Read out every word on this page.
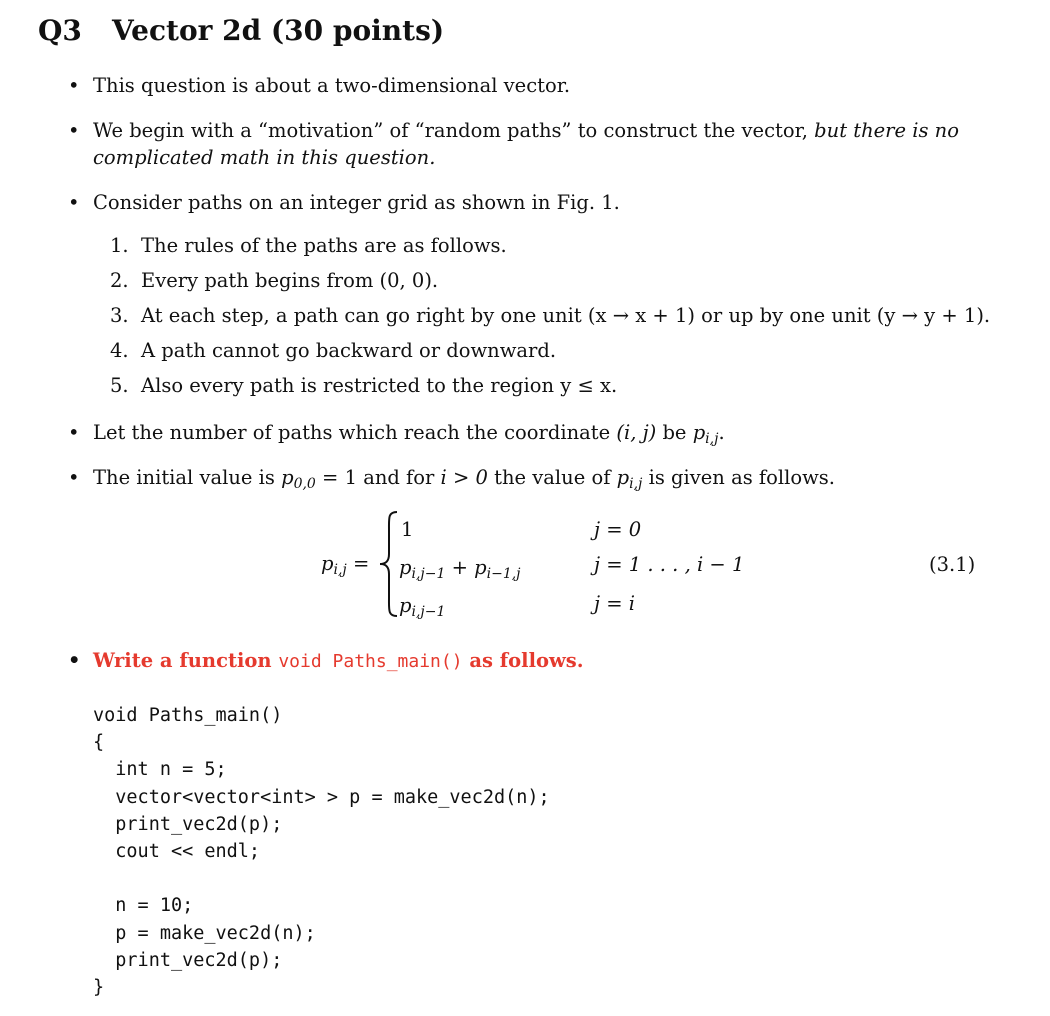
Q3 Vector 2d (30 points)
• This question is about a two-dimensional vector.
• We begin with a “motivation” of “random paths” to construct the vector, but there is no
complicated math in this question.
• Consider paths on an integer grid as shown in Fig. 1.
1. The rules of the paths are as follows.
2. Every path begins from (0, 0).
3. At each step, a path can go right by one unit (x → x + 1) or up by one unit (y → y + 1).
4. A path cannot go backward or downward.
5. Also every path is restricted to the region y ≤ x.
• Let the number of paths which reach the coordinate (i, j) be $p_{i,j}$.
• The initial value is $p_{0,0} = 1$ and for i > 0 the value of $p_{i,j}$ is given as follows.
$p_{i,j}$ =
1
$p_{i,j-1} + p_{i-1,j}$
$p_{i,j-1}$
j = 0
j = 1 . . . , i − 1
j = i
(3.1)
• Write a function void Paths_main() as follows.
void Paths_main()
{
int n = 5;
vector<vector<int> > p = make_vec2d(n);
print_vec2d(p);
cout << endl;

n = 10;
p = make_vec2d(n);
print_vec2d(p);
}
